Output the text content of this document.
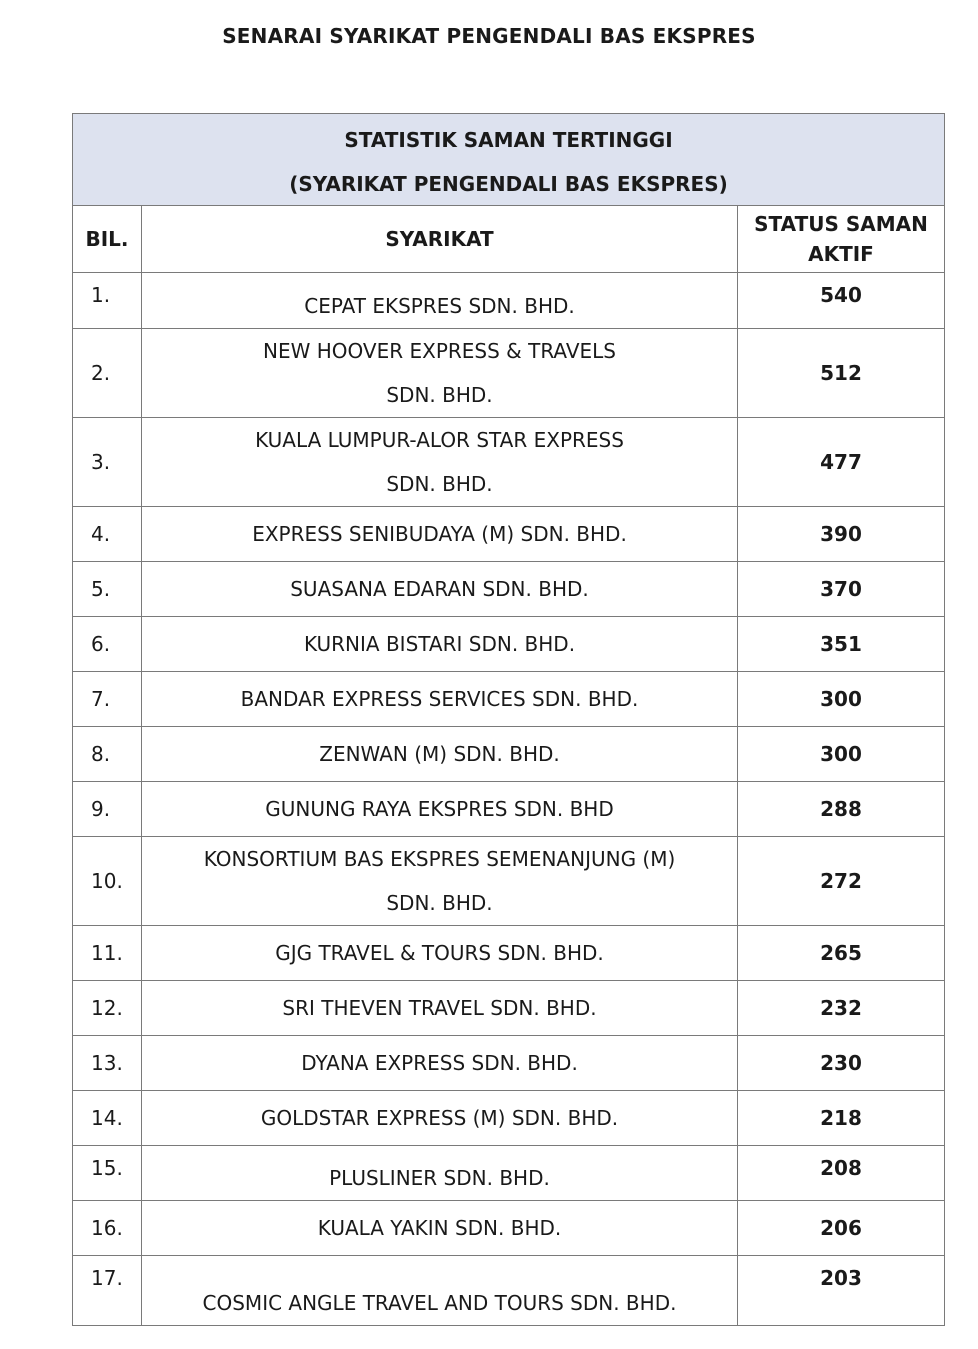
SENARAI SYARIKAT PENGENDALI BAS EKSPRES
STATISTIK SAMAN TERTINGGI
(SYARIKAT PENGENDALI BAS EKSPRES)		

BIL.	SYARIKAT	STATUS SAMAN AKTIF
1.	CEPAT EKSPRES SDN. BHD.	540
2.	NEW HOOVER EXPRESS & TRAVELS
SDN. BHD.	512
3.	KUALA LUMPUR-ALOR STAR EXPRESS
SDN. BHD.	477
4.	EXPRESS SENIBUDAYA (M) SDN. BHD.	390
5.	SUASANA EDARAN SDN. BHD.	370
6.	KURNIA BISTARI SDN. BHD.	351
7.	BANDAR EXPRESS SERVICES SDN. BHD.	300
8.	ZENWAN (M) SDN. BHD.	300
9.	GUNUNG RAYA EKSPRES SDN. BHD	288
10.	KONSORTIUM BAS EKSPRES SEMENANJUNG (M)
SDN. BHD.	272
11.	GJG TRAVEL & TOURS SDN. BHD.	265
12.	SRI THEVEN TRAVEL SDN. BHD.	232
13.	DYANA EXPRESS SDN. BHD.	230
14.	GOLDSTAR EXPRESS (M) SDN. BHD.	218
15.	PLUSLINER SDN. BHD.	208
16.	KUALA YAKIN SDN. BHD.	206
17.	COSMIC ANGLE TRAVEL AND TOURS SDN. BHD.	203
